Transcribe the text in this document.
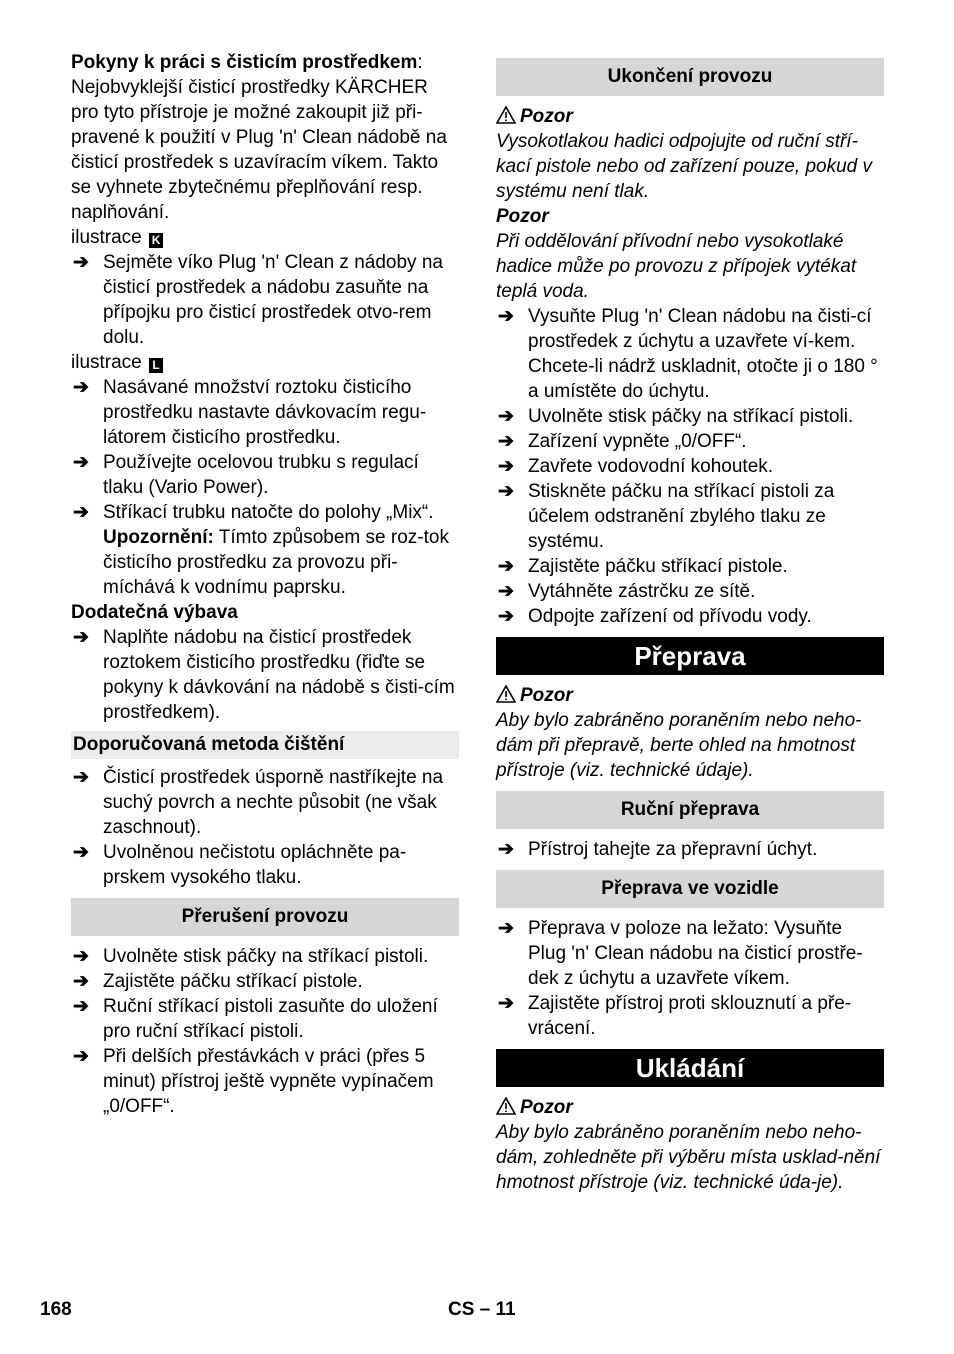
Pokyny k práci s čisticím prostředkem:
Nejobvyklejší čisticí prostředky KÄRCHER pro tyto přístroje je možné zakoupit již při-pravené k použití v Plug 'n' Clean nádobě na čisticí prostředek s uzavíracím víkem. Takto se vyhnete zbytečnému přeplňování resp. naplňování.

ilustrace K

➔ Sejměte víko Plug 'n' Clean z nádoby na čisticí prostředek a nádobu zasuňte na přípojku pro čisticí prostředek otvo-rem dolu.

ilustrace L

➔ Nasávané množství roztoku čisticího prostředku nastavte dávkovacím regu-látorem čisticího prostředku.
➔ Používejte ocelovou trubku s regulací tlaku (Vario Power).
➔ Stříkací trubku natočte do polohy „Mix“.
Upozornění: Tímto způsobem se roz-tok čisticího prostředku za provozu při-míchává k vodnímu paprsku.

Dodatečná výbava

➔ Naplňte nádobu na čisticí prostředek roztokem čisticího prostředku (řiďte se pokyny k dávkování na nádobě s čisti-cím prostředkem).
Doporučovaná metoda čištění
➔ Čisticí prostředek úsporně nastříkejte na suchý povrch a nechte působit (ne však zaschnout).
➔ Uvolněnou nečistotu opláchněte pa-prskem vysokého tlaku.
Přerušení provozu
➔ Uvolněte stisk páčky na stříkací pistoli.
➔ Zajistěte páčku stříkací pistole.
➔ Ruční stříkací pistoli zasuňte do uložení pro ruční stříkací pistoli.
➔ Při delších přestávkách v práci (přes 5 minut) přístroj ještě vypněte vypínačem „0/OFF“.
Ukončení provozu

Pozor

Vysokotlakou hadici odpojujte od ruční stří-kací pistole nebo od zařízení pouze, pokud v systému není tlak.

Pozor

Při oddělování přívodní nebo vysokotlaké hadice může po provozu z přípojek vytékat teplá voda.

➔ Vysuňte Plug 'n' Clean nádobu na čisti-cí prostředek z úchytu a uzavřete ví-kem. Chcete-li nádrž uskladnit, otočte ji o 180 ° a umístěte do úchytu.
➔ Uvolněte stisk páčky na stříkací pistoli.
➔ Zařízení vypněte „0/OFF“.
➔ Zavřete vodovodní kohoutek.
➔ Stiskněte páčku na stříkací pistoli za účelem odstranění zbylého tlaku ze systému.
➔ Zajistěte páčku stříkací pistole.
➔ Vytáhněte zástrčku ze sítě.
➔ Odpojte zařízení od přívodu vody.
Přeprava

Pozor

Aby bylo zabráněno poraněním nebo neho-dám při přepravě, berte ohled na hmotnost přístroje (viz. technické údaje).

Ruční přeprava
➔ Přístroj tahejte za přepravní úchyt.
Přeprava ve vozidle
➔ Přeprava v poloze na ležato: Vysuňte Plug 'n' Clean nádobu na čisticí prostře-dek z úchytu a uzavřete víkem.
➔ Zajistěte přístroj proti sklouznutí a pře-vrácení.
Ukládání

Pozor

Aby bylo zabráněno poraněním nebo neho-dám, zohledněte při výběru místa usklad-nění hmotnost přístroje (viz. technické úda-je).

168	CS – 11
